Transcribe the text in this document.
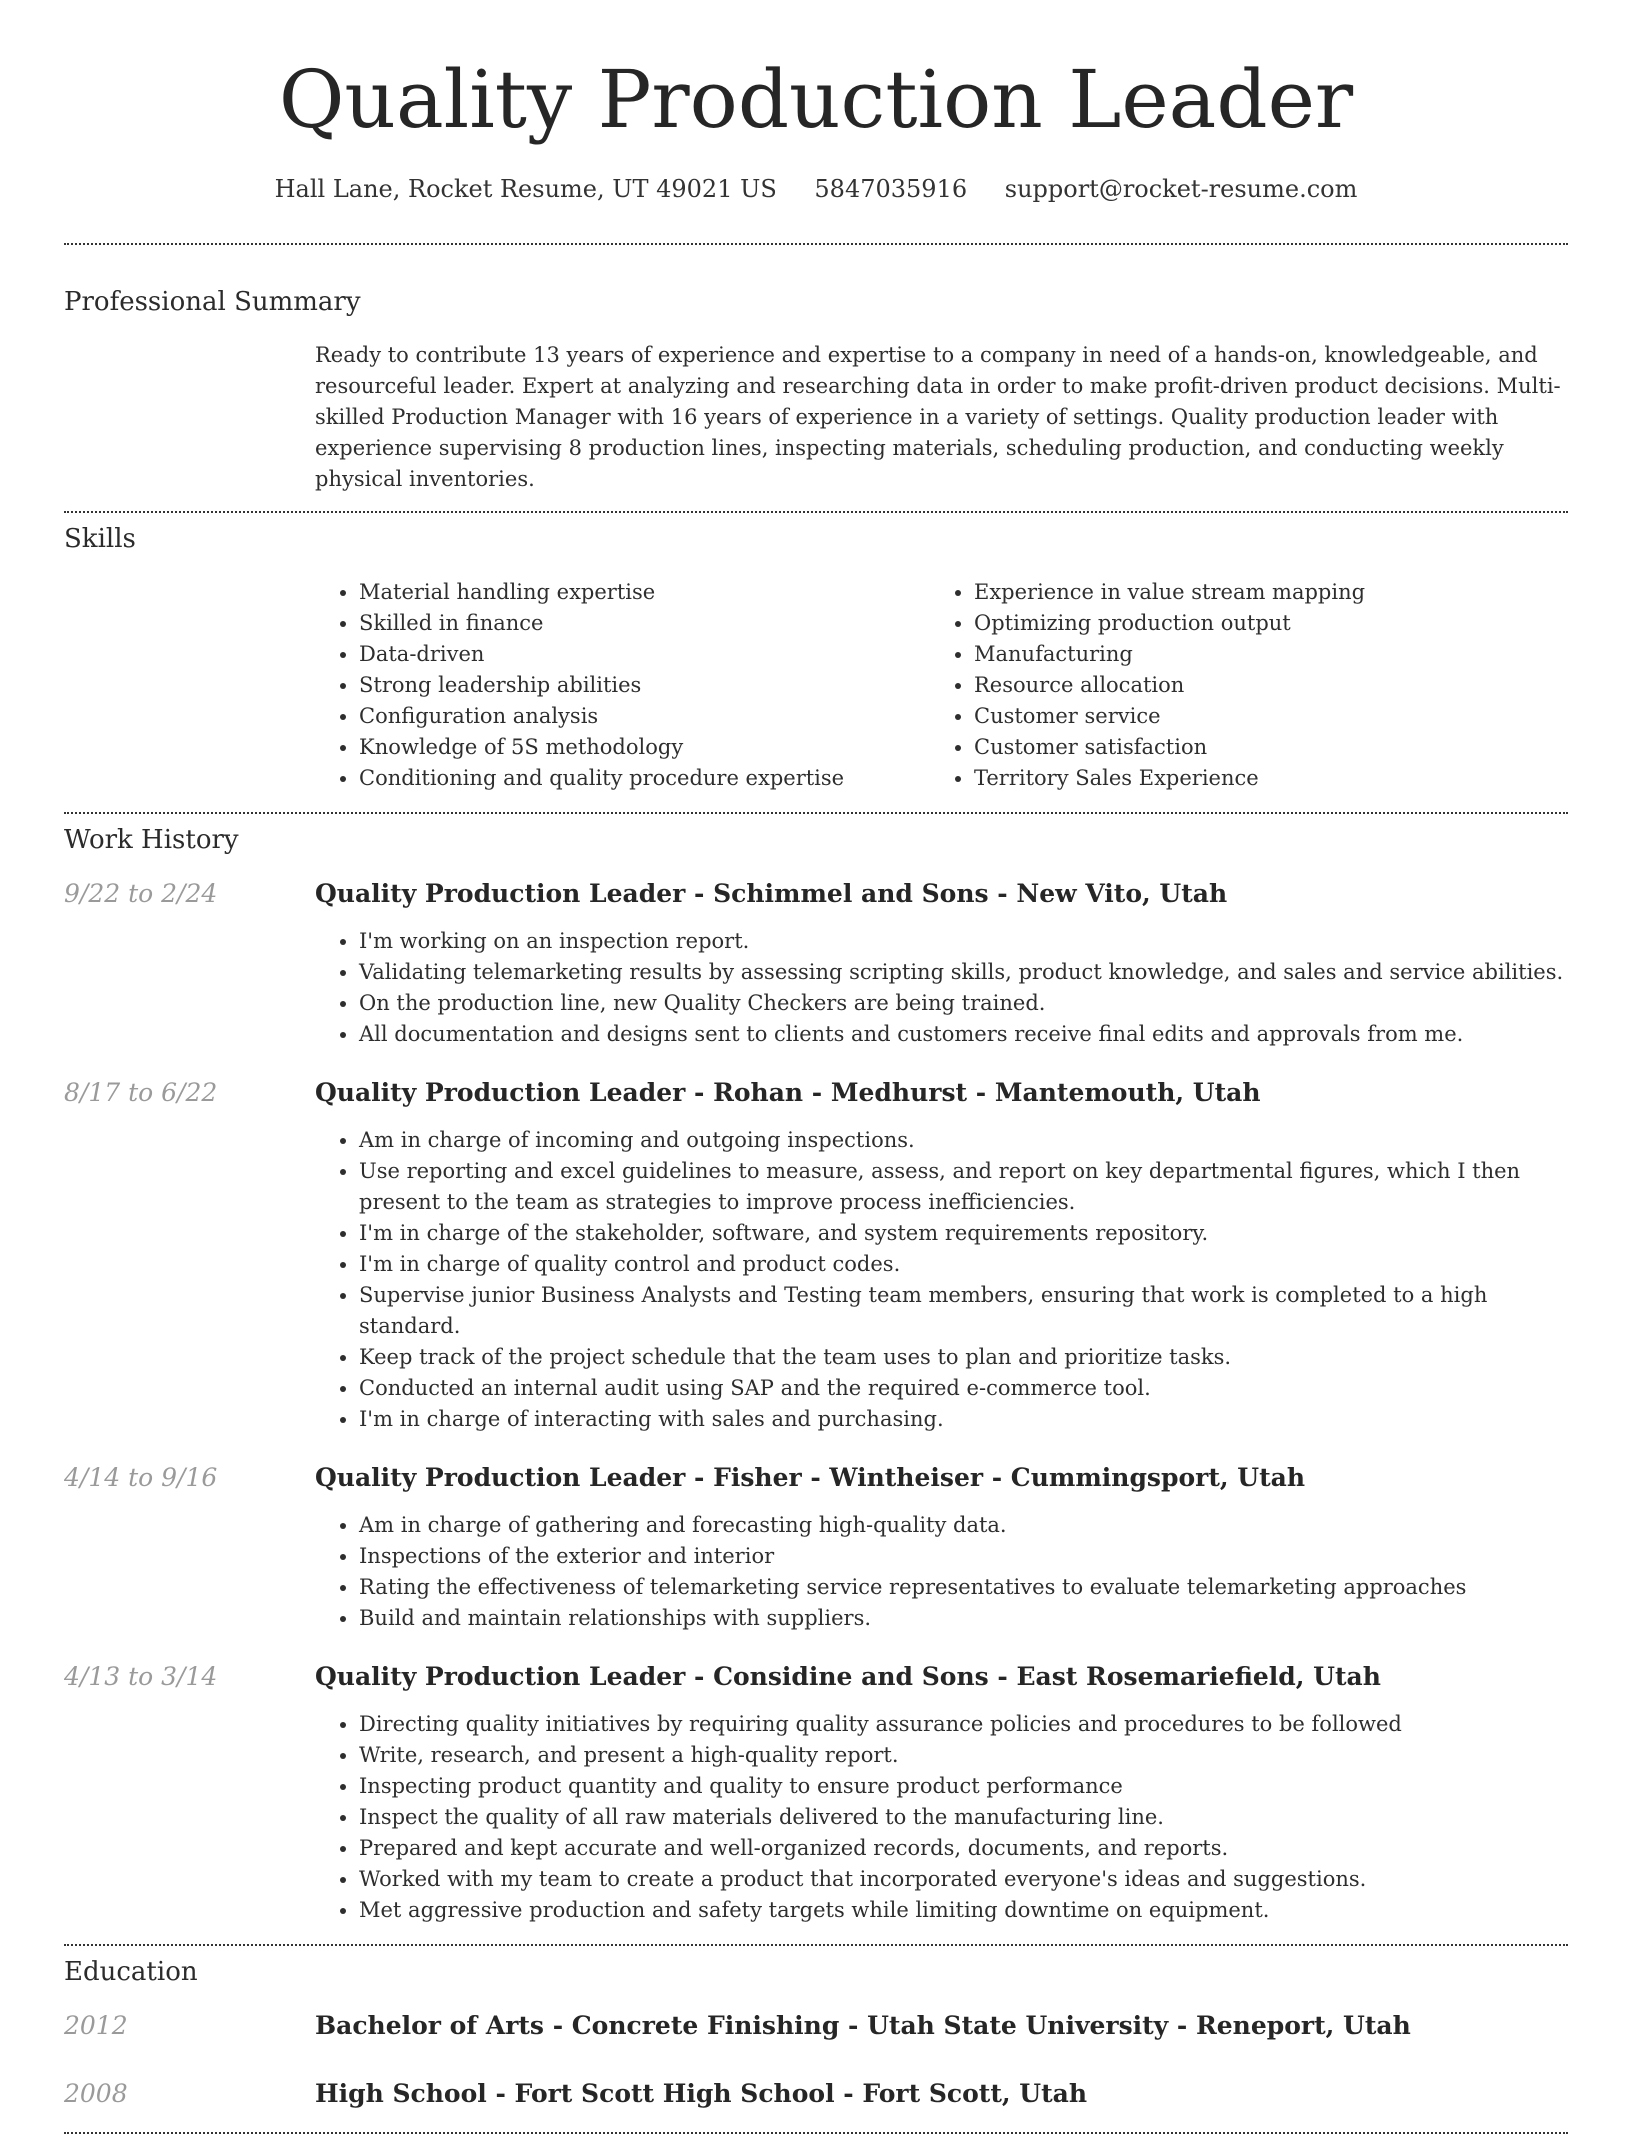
Quality Production Leader
Hall Lane, Rocket Resume, UT 49021 US 5847035916 support@rocket-resume.com
Professional Summary

Ready to contribute 13 years of experience and expertise to a company in need of a hands-on, knowledgeable, and resourceful leader. Expert at analyzing and researching data in order to make profit-driven product decisions. Multi-skilled Production Manager with 16 years of experience in a variety of settings. Quality production leader with experience supervising 8 production lines, inspecting materials, scheduling production, and conducting weekly physical inventories.

Skills
• Material handling expertise
• Skilled in finance
• Data-driven
• Strong leadership abilities
• Configuration analysis
• Knowledge of 5S methodology
• Conditioning and quality procedure expertise
• Experience in value stream mapping
• Optimizing production output
• Manufacturing
• Resource allocation
• Customer service
• Customer satisfaction
• Territory Sales Experience
Work History
9/22 to 2/24	Quality Production Leader - Schimmel and Sons - New Vito, Utah
• I'm working on an inspection report.
• Validating telemarketing results by assessing scripting skills, product knowledge, and sales and service abilities.
• On the production line, new Quality Checkers are being trained.
• All documentation and designs sent to clients and customers receive final edits and approvals from me.
8/17 to 6/22	Quality Production Leader - Rohan - Medhurst - Mantemouth, Utah
• Am in charge of incoming and outgoing inspections.
• Use reporting and excel guidelines to measure, assess, and report on key departmental figures, which I then present to the team as strategies to improve process inefficiencies.
• I'm in charge of the stakeholder, software, and system requirements repository.
• I'm in charge of quality control and product codes.
• Supervise junior Business Analysts and Testing team members, ensuring that work is completed to a high standard.
• Keep track of the project schedule that the team uses to plan and prioritize tasks.
• Conducted an internal audit using SAP and the required e-commerce tool.
• I'm in charge of interacting with sales and purchasing.
4/14 to 9/16	Quality Production Leader - Fisher - Wintheiser - Cummingsport, Utah
• Am in charge of gathering and forecasting high-quality data.
• Inspections of the exterior and interior
• Rating the effectiveness of telemarketing service representatives to evaluate telemarketing approaches
• Build and maintain relationships with suppliers.
4/13 to 3/14	Quality Production Leader - Considine and Sons - East Rosemariefield, Utah
• Directing quality initiatives by requiring quality assurance policies and procedures to be followed
• Write, research, and present a high-quality report.
• Inspecting product quantity and quality to ensure product performance
• Inspect the quality of all raw materials delivered to the manufacturing line.
• Prepared and kept accurate and well-organized records, documents, and reports.
• Worked with my team to create a product that incorporated everyone's ideas and suggestions.
• Met aggressive production and safety targets while limiting downtime on equipment.
Education
2012	Bachelor of Arts - Concrete Finishing - Utah State University - Reneport, Utah
2008	High School - Fort Scott High School - Fort Scott, Utah
